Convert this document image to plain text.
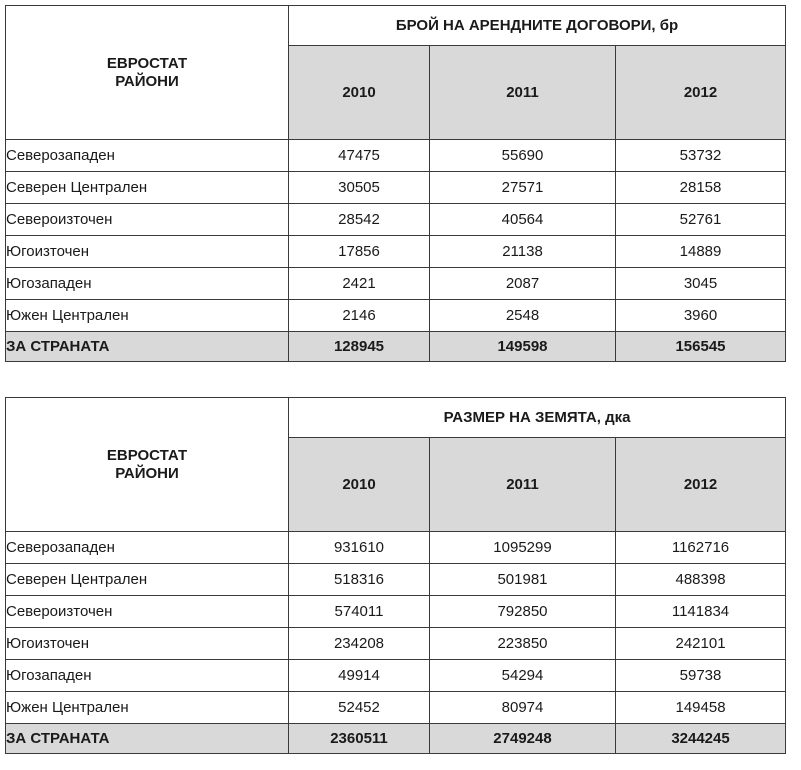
ЕВРОСТАТ
РАЙОНИ	БРОЙ НА АРЕНДНИТЕ ДОГОВОРИ, бр		
	2010	2011	2012
Северозападен	47475	55690	53732
Северен Централен	30505	27571	28158
Североизточен	28542	40564	52761
Югоизточен	17856	21138	14889
Югозападен	2421	2087	3045
Южен Централен	2146	2548	3960
ЗА СТРАНАТА	128945	149598	156545
ЕВРОСТАТ
РАЙОНИ	РАЗМЕР НА ЗЕМЯТА, дка		
	2010	2011	2012
Северозападен	931610	1095299	1162716
Северен Централен	518316	501981	488398
Североизточен	574011	792850	1141834
Югоизточен	234208	223850	242101
Югозападен	49914	54294	59738
Южен Централен	52452	80974	149458
ЗА СТРАНАТА	2360511	2749248	3244245
